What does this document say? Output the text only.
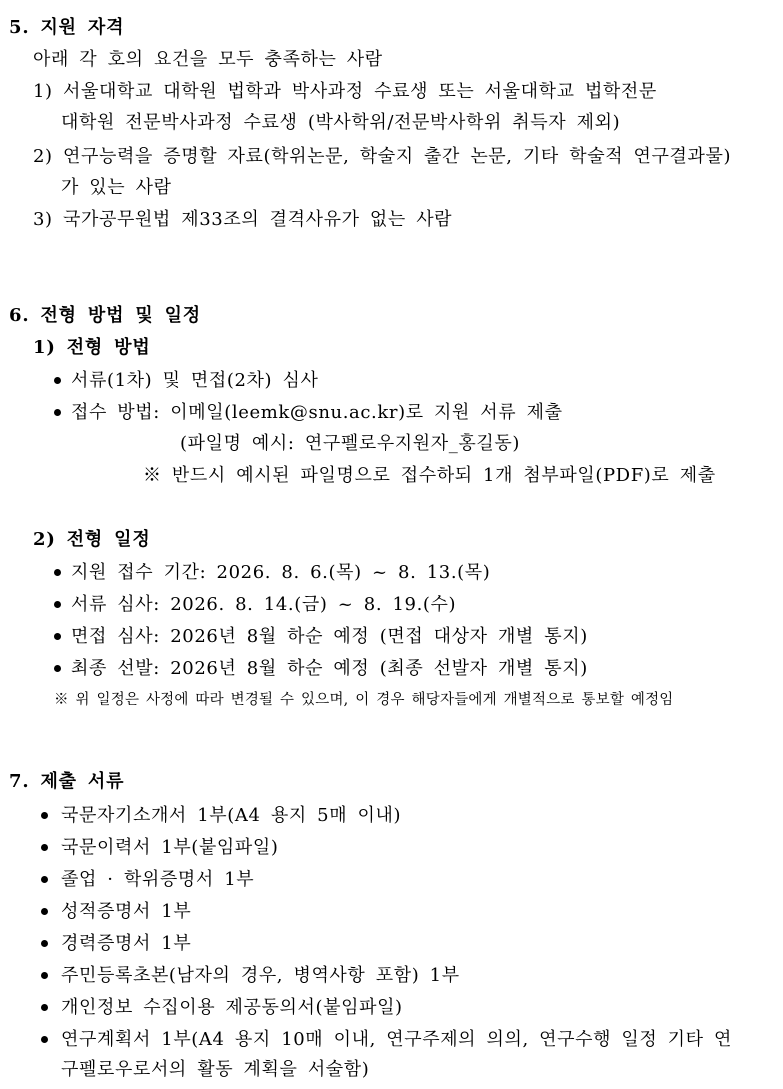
5. 지원 자격
아래 각 호의 요건을 모두 충족하는 사람
1) 서울대학교 대학원 법학과 박사과정 수료생 또는 서울대학교 법학전문
대학원 전문박사과정 수료생 (박사학위/전문박사학위 취득자 제외)
2) 연구능력을 증명할 자료(학위논문, 학술지 출간 논문, 기타 학술적 연구결과물)
가 있는 사람
3) 국가공무원법 제33조의 결격사유가 없는 사람
6. 전형 방법 및 일정
1) 전형 방법
서류(1차) 및 면접(2차) 심사
접수 방법: 이메일(leemk@snu.ac.kr)로 지원 서류 제출
(파일명 예시: 연구펠로우지원자_홍길동)
※ 반드시 예시된 파일명으로 접수하되 1개 첨부파일(PDF)로 제출
2) 전형 일정
지원 접수 기간: 2026. 8. 6.(목) ~ 8. 13.(목)
서류 심사: 2026. 8. 14.(금) ~ 8. 19.(수)
면접 심사: 2026년 8월 하순 예정 (면접 대상자 개별 통지)
최종 선발: 2026년 8월 하순 예정 (최종 선발자 개별 통지)
※ 위 일정은 사정에 따라 변경될 수 있으며, 이 경우 해당자들에게 개별적으로 통보할 예정임
7. 제출 서류
국문자기소개서 1부(A4 용지 5매 이내)
국문이력서 1부(붙임파일)
졸업 · 학위증명서 1부
성적증명서 1부
경력증명서 1부
주민등록초본(남자의 경우, 병역사항 포함) 1부
개인정보 수집이용 제공동의서(붙임파일)
연구계획서 1부(A4 용지 10매 이내, 연구주제의 의의, 연구수행 일정 기타 연
구펠로우로서의 활동 계획을 서술함)
